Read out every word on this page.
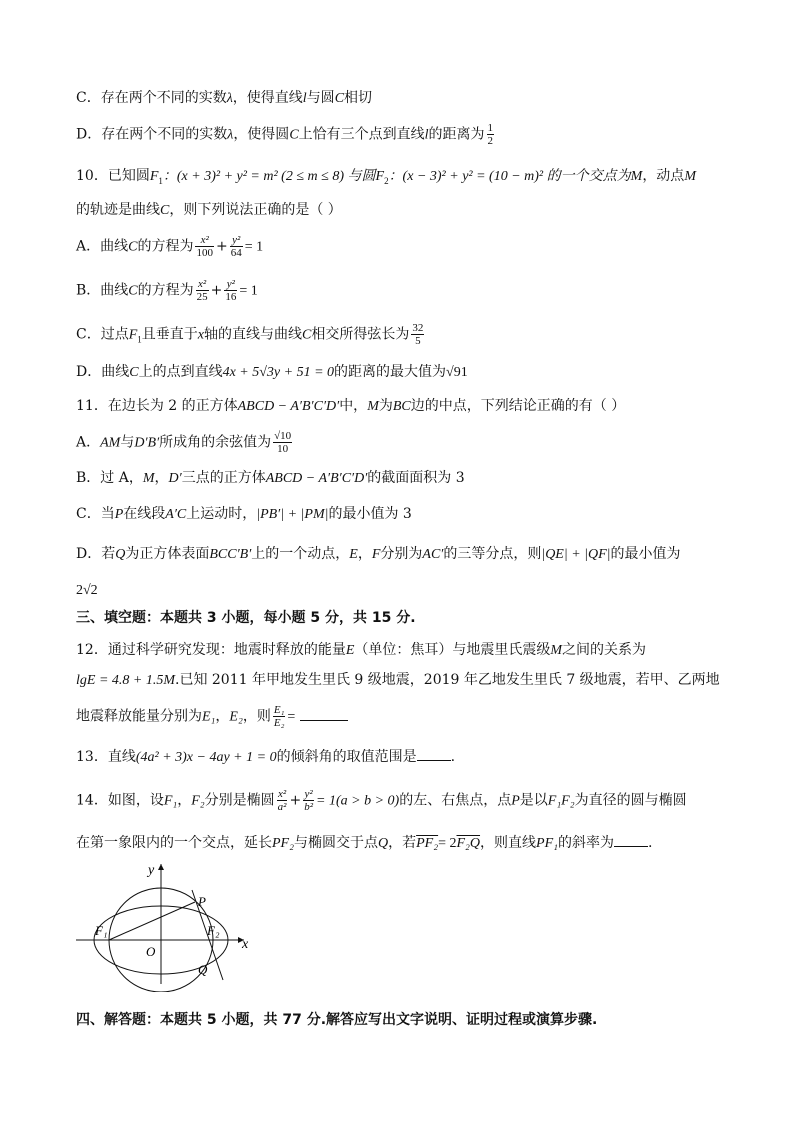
C．存在两个不同的实数λ，使得直线l与圆C相切
D．存在两个不同的实数λ，使得圆C上恰有三个点到直线l的距离为 $\frac{1}{2}$
10．已知圆$F_1$：(x + 3)² + y² = m² (2 ≤ m ≤ 8) 与圆$F_2$：(x − 3)² + y² = (10 − m)² 的一个交点为M，动点M
的轨迹是曲线C，则下列说法正确的是（ ）
A．曲线C的方程为 $\frac{\text{x²}}{100} + \frac{\text{y²}}{64} = 1$
B．曲线C的方程为 $\frac{\text{x²}}{25} + \frac{\text{y²}}{16} = 1$
C．过点$F_1$且垂直于x轴的直线与曲线C相交所得弦长为 $\frac{32}{5}$
D．曲线C上的点到直线4x + 5√3y + 51 = 0的距离的最大值为√91
11．在边长为 2 的正方体ABCD − A′B′C′D′中，M为BC边的中点，下列结论正确的有（ ）
A．AM与D′B′所成角的余弦值为 $\frac{√10}{10}$
B．过 A，M，D′三点的正方体ABCD − A′B′C′D′的截面面积为 3
C．当P在线段A′C上运动时，|PB′| + |PM|的最小值为 3
D．若Q为正方体表面BCC′B′上的一个动点，E，F分别为AC′的三等分点，则|QE| + |QF|的最小值为
2√2
三、填空题：本题共 3 小题，每小题 5 分，共 15 分.
12．通过科学研究发现：地震时释放的能量E（单位：焦耳）与地震里氏震级M之间的关系为
lgE = 4.8 + 1.5M.已知 2011 年甲地发生里氏 9 级地震，2019 年乙地发生里氏 7 级地震，若甲、乙两地
地震释放能量分别为E₁，E₂，则 $\frac{\text{E₁}}{\text{E₂}}$ =
13．直线(4a² + 3)x − 4ay + 1 = 0的倾斜角的取值范围是 .
14．如图，设F₁，F₂分别是椭圆 $\frac{\text{x²}}{\text{a²}} + \frac{\text{y²}}{\text{b²}} = 1(a > b > 0)$的左、右焦点，点P是以F₁F₂为直径的圆与椭圆
在第一象限内的一个交点，延长PF₂与椭圆交于点Q，若PF₂= 2F₂Q，则直线PF₁的斜率为 .
y
x
P
F₁	F₂
O
Q
四、解答题：本题共 5 小题，共 77 分.解答应写出文字说明、证明过程或演算步骤.
